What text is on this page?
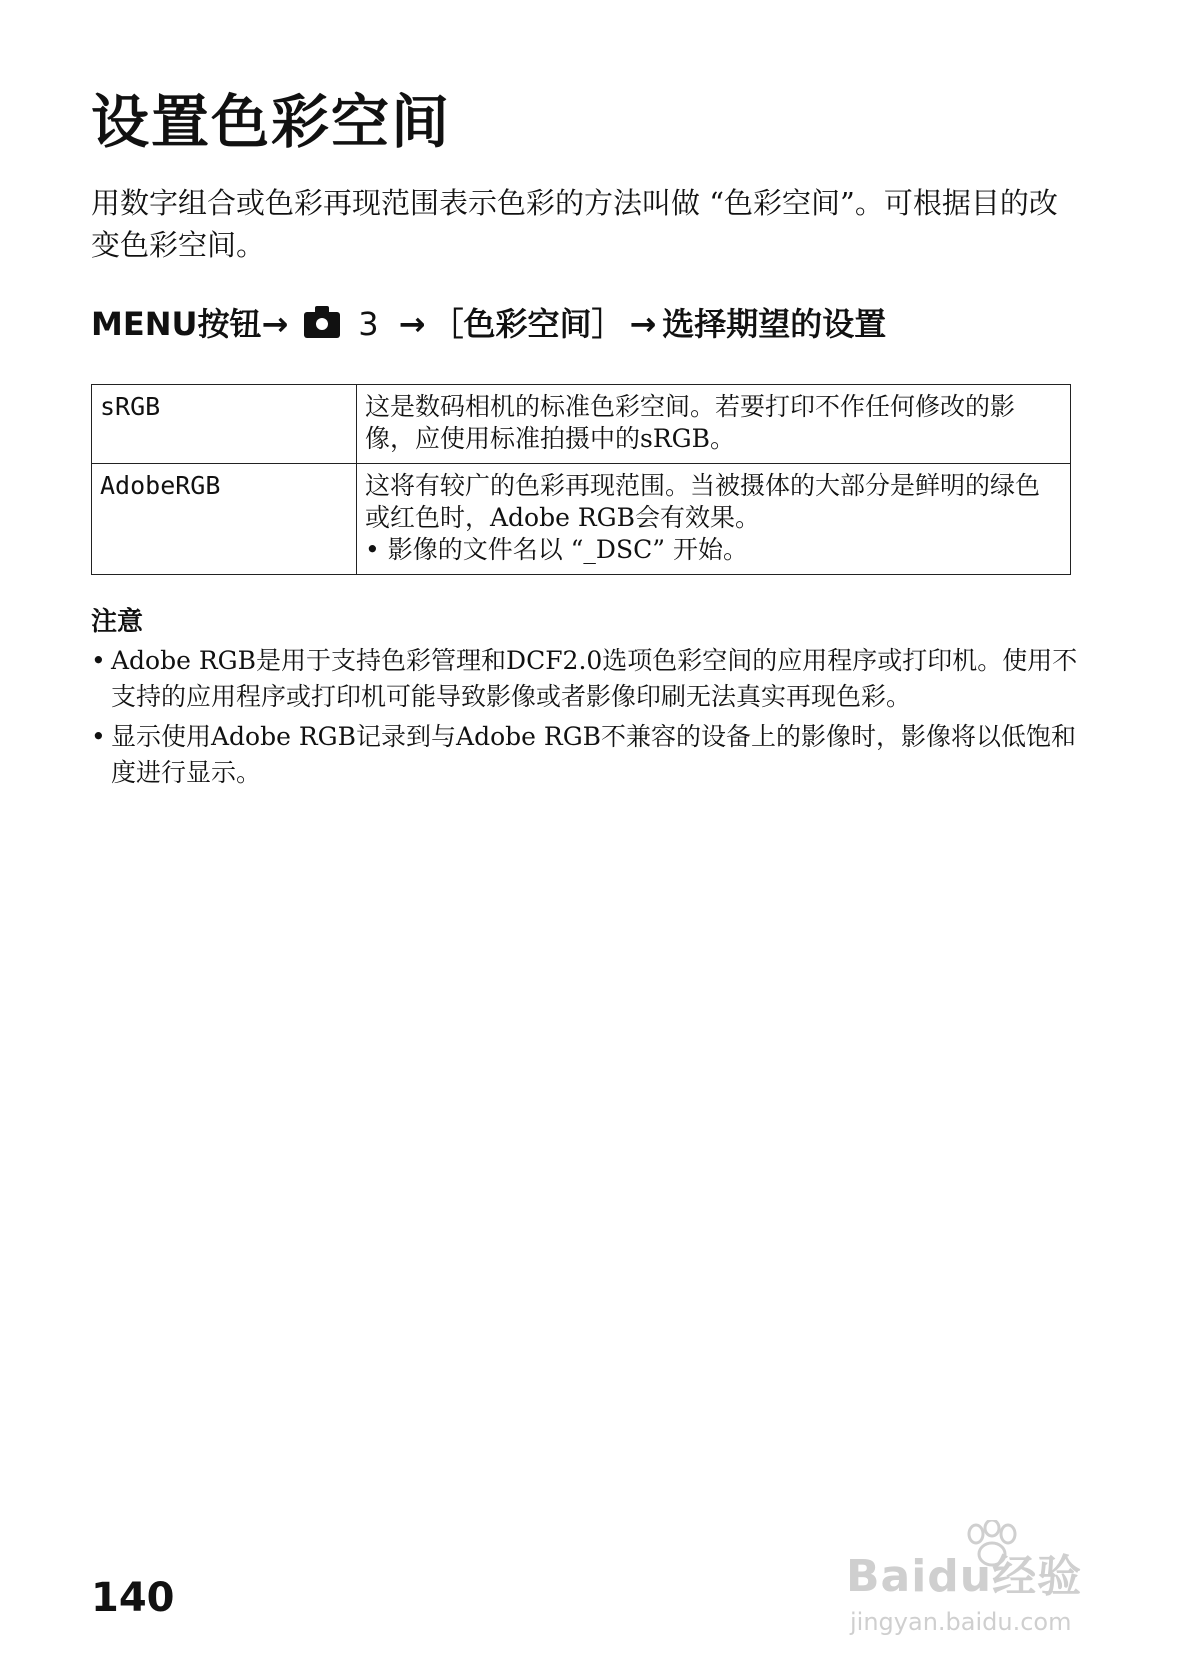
设置色彩空间
用数字组合或色彩再现范围表示色彩的方法叫做 “色彩空间”。可根据目的改变色彩空间。
MENU按钮→ 3 → ［色彩空间］ → 选择期望的设置
sRGB	这是数码相机的标准色彩空间。若要打印不作任何修改的影像，应使用标准拍摄中的sRGB。

AdobeRGB	这将有较广的色彩再现范围。当被摄体的大部分是鲜明的绿色或红色时，Adobe RGB会有效果。
• 影像的文件名以 “_DSC” 开始。
注意
• Adobe RGB是用于支持色彩管理和DCF2.0选项色彩空间的应用程序或打印机。使用不支持的应用程序或打印机可能导致影像或者影像印刷无法真实再现色彩。
• 显示使用Adobe RGB记录到与Adobe RGB不兼容的设备上的影像时，影像将以低饱和度进行显示。
140	Baidu经验
jingyan.baidu.com
